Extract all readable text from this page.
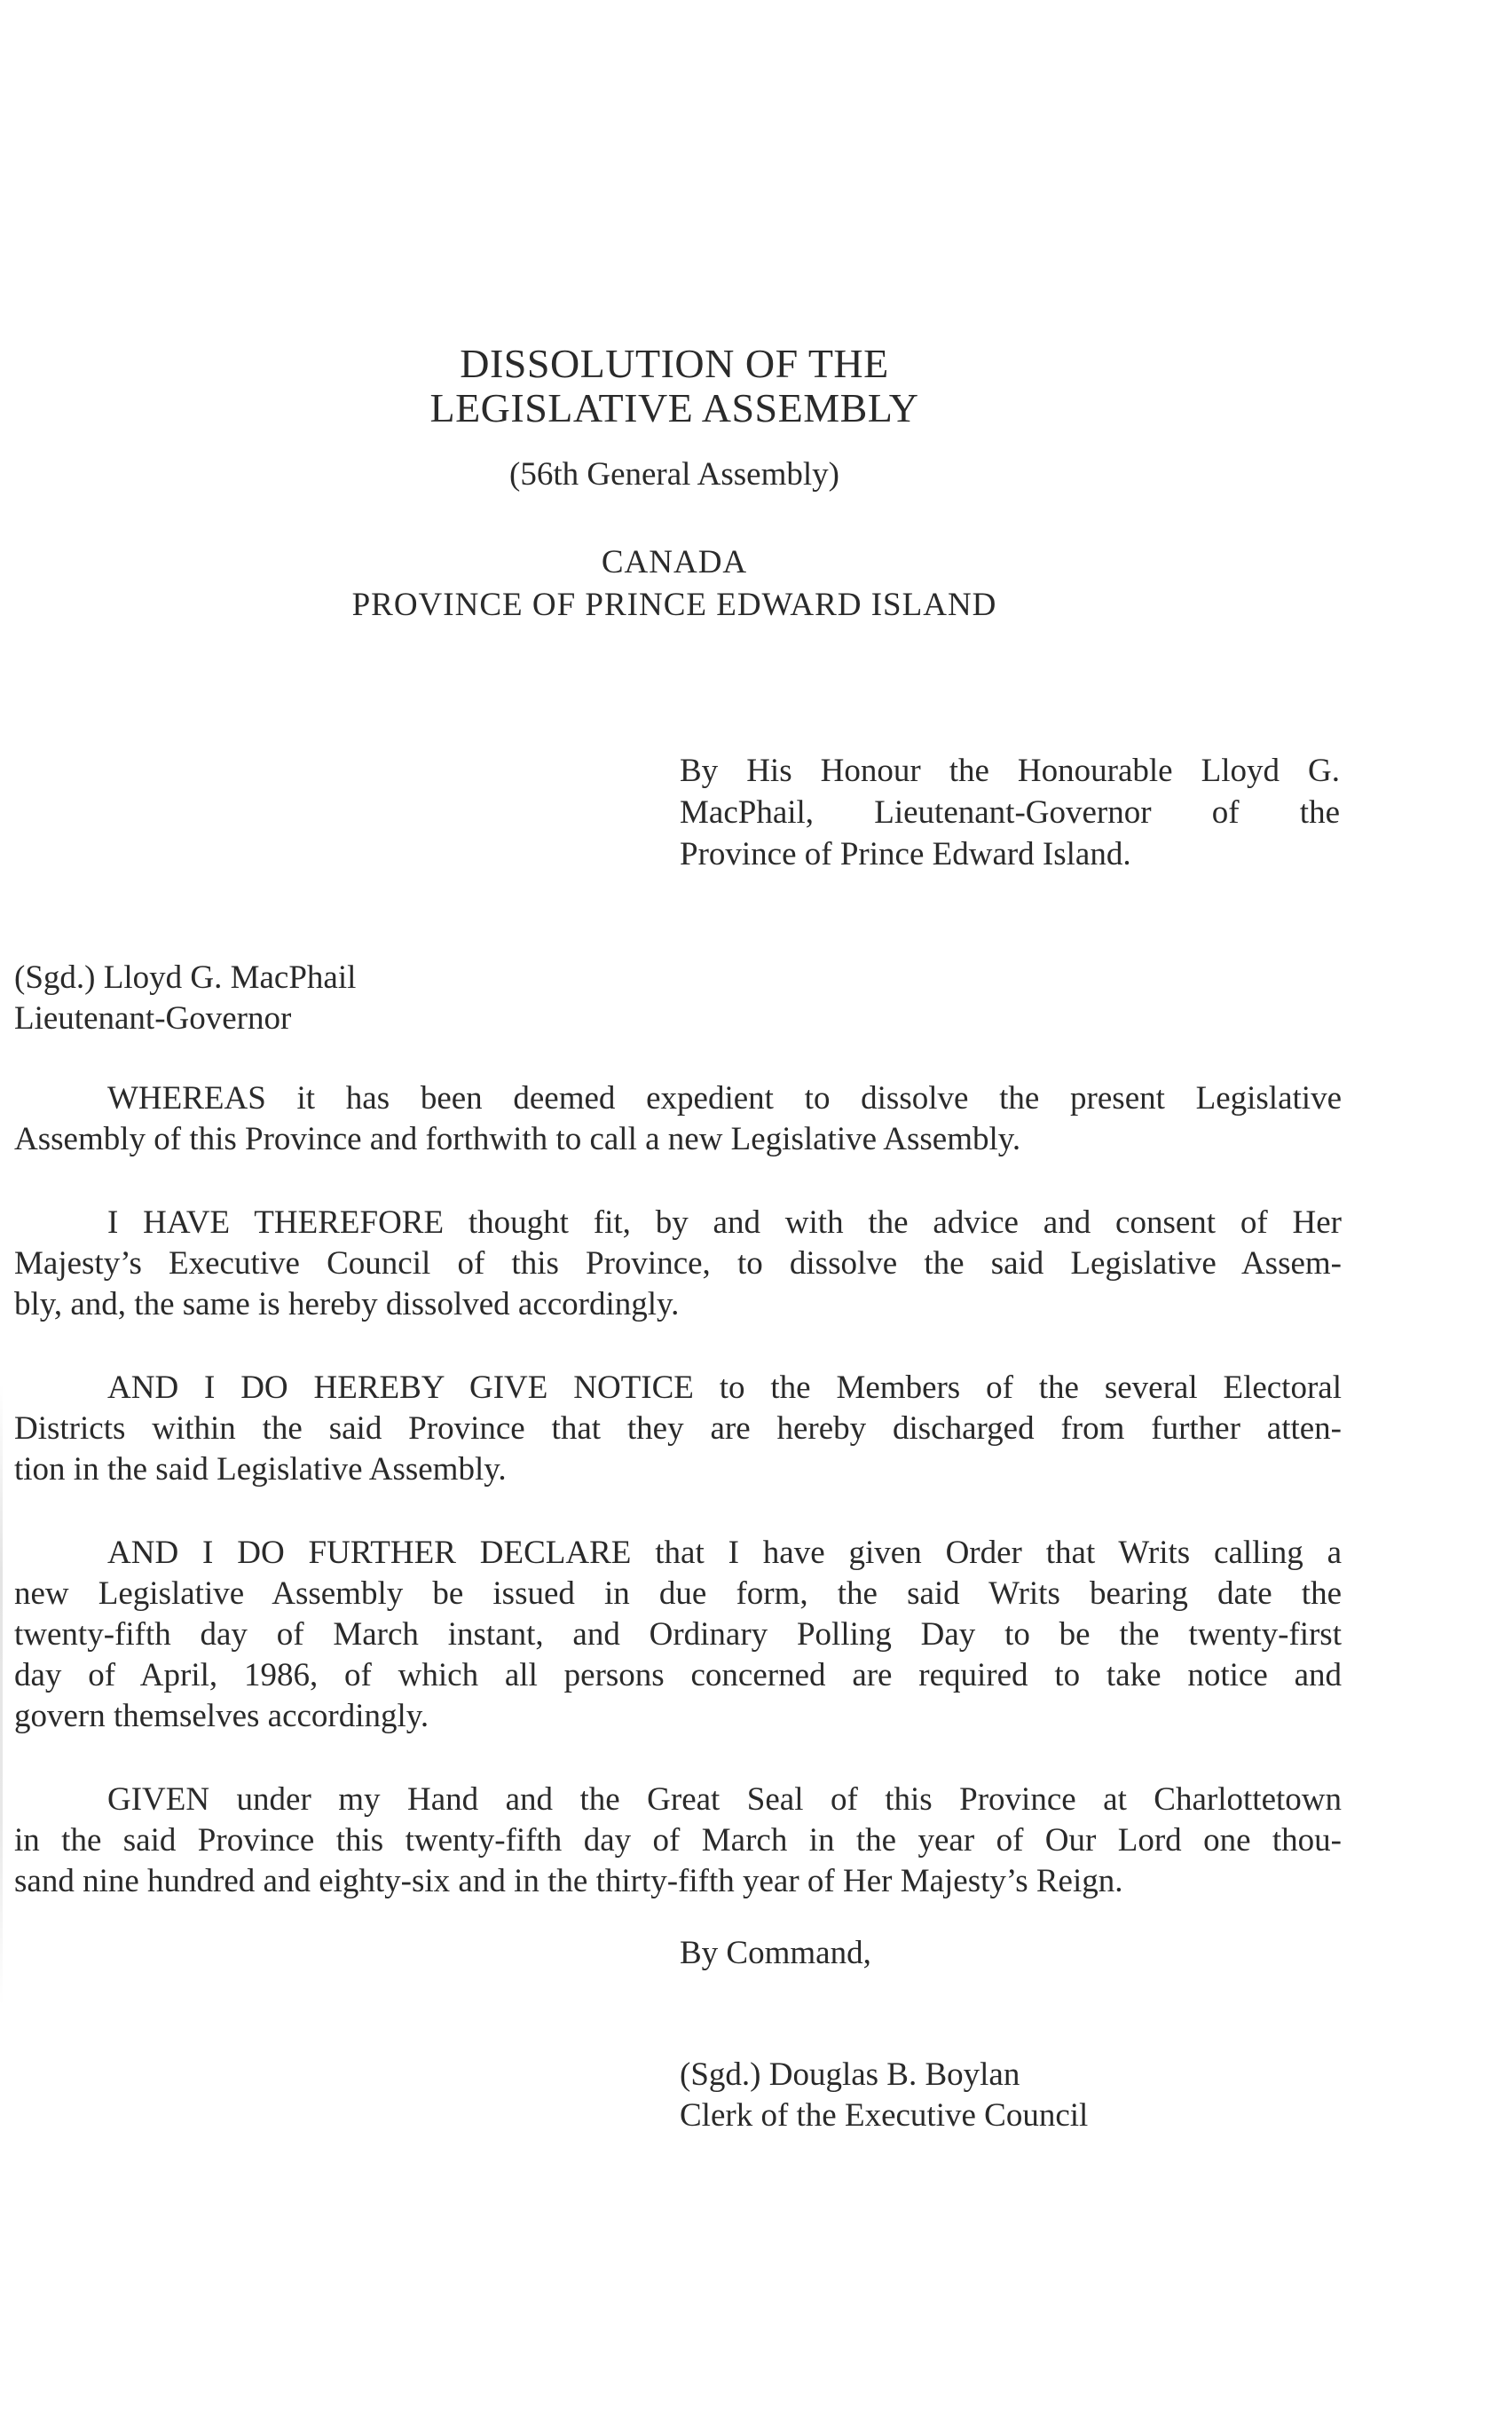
DISSOLUTION OF THE
LEGISLATIVE ASSEMBLY
(56th General Assembly)
CANADA
PROVINCE OF PRINCE EDWARD ISLAND
By His Honour the Honourable Lloyd G.
MacPhail, Lieutenant-Governor of the
Province of Prince Edward Island.
(Sgd.) Lloyd G. MacPhail
Lieutenant-Governor
WHEREAS it has been deemed expedient to dissolve the present Legislative
Assembly of this Province and forthwith to call a new Legislative Assembly.
I HAVE THEREFORE thought fit, by and with the advice and consent of Her
Majesty’s Executive Council of this Province, to dissolve the said Legislative Assem-
bly, and, the same is hereby dissolved accordingly.
AND I DO HEREBY GIVE NOTICE to the Members of the several Electoral
Districts within the said Province that they are hereby discharged from further atten-
tion in the said Legislative Assembly.
AND I DO FURTHER DECLARE that I have given Order that Writs calling a
new Legislative Assembly be issued in due form, the said Writs bearing date the
twenty-fifth day of March instant, and Ordinary Polling Day to be the twenty-first
day of April, 1986, of which all persons concerned are required to take notice and
govern themselves accordingly.
GIVEN under my Hand and the Great Seal of this Province at Charlottetown
in the said Province this twenty-fifth day of March in the year of Our Lord one thou-
sand nine hundred and eighty-six and in the thirty-fifth year of Her Majesty’s Reign.
By Command,
(Sgd.) Douglas B. Boylan
Clerk of the Executive Council
